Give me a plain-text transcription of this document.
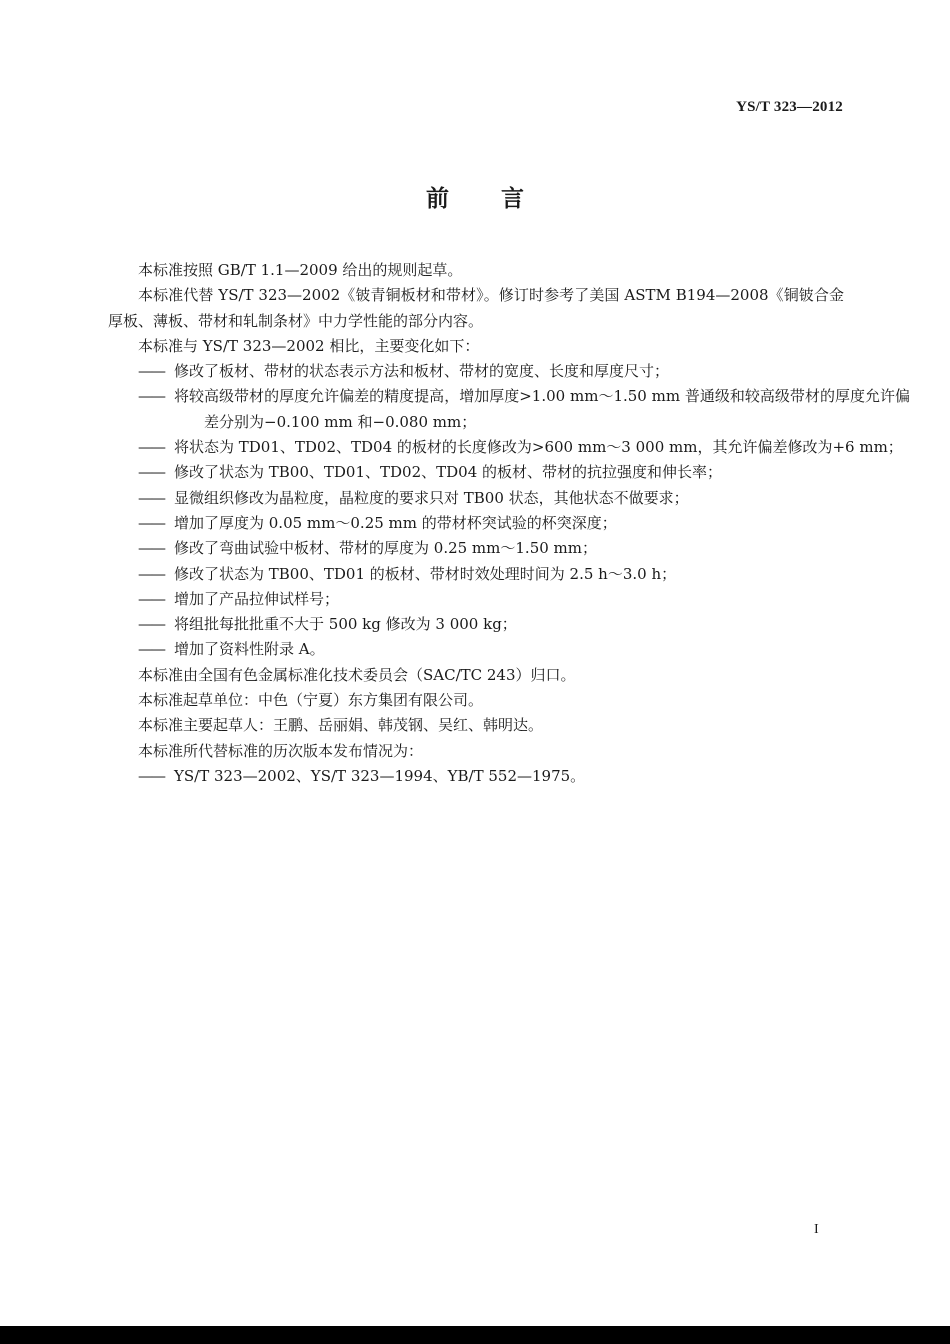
YS/T 323—2012
前言

本标准按照 GB/T 1.1—2009 给出的规则起草。

本标准代替 YS/T 323—2002《铍青铜板材和带材》。修订时参考了美国 ASTM B194—2008《铜铍合金厚板、薄板、带材和轧制条材》中力学性能的部分内容。

本标准与 YS/T 323—2002 相比，主要变化如下：

—— 修改了板材、带材的状态表示方法和板材、带材的宽度、长度和厚度尺寸；

—— 将较高级带材的厚度允许偏差的精度提高，增加厚度>1.00 mm～1.50 mm 普通级和较高级带材的厚度允许偏差分别为−0.100 mm 和−0.080 mm；

—— 将状态为 TD01、TD02、TD04 的板材的长度修改为>600 mm～3 000 mm，其允许偏差修改为+6 mm；

—— 修改了状态为 TB00、TD01、TD02、TD04 的板材、带材的抗拉强度和伸长率；

—— 显微组织修改为晶粒度，晶粒度的要求只对 TB00 状态，其他状态不做要求；

—— 增加了厚度为 0.05 mm～0.25 mm 的带材杯突试验的杯突深度；

—— 修改了弯曲试验中板材、带材的厚度为 0.25 mm～1.50 mm；

—— 修改了状态为 TB00、TD01 的板材、带材时效处理时间为 2.5 h～3.0 h；

—— 增加了产品拉伸试样号；

—— 将组批每批批重不大于 500 kg 修改为 3 000 kg；

—— 增加了资料性附录 A。

本标准由全国有色金属标准化技术委员会（SAC/TC 243）归口。

本标准起草单位：中色（宁夏）东方集团有限公司。

本标准主要起草人：王鹏、岳丽娟、韩茂钢、吴红、韩明达。

本标准所代替标准的历次版本发布情况为：

—— YS/T 323—2002、YS/T 323—1994、YB/T 552—1975。

I
